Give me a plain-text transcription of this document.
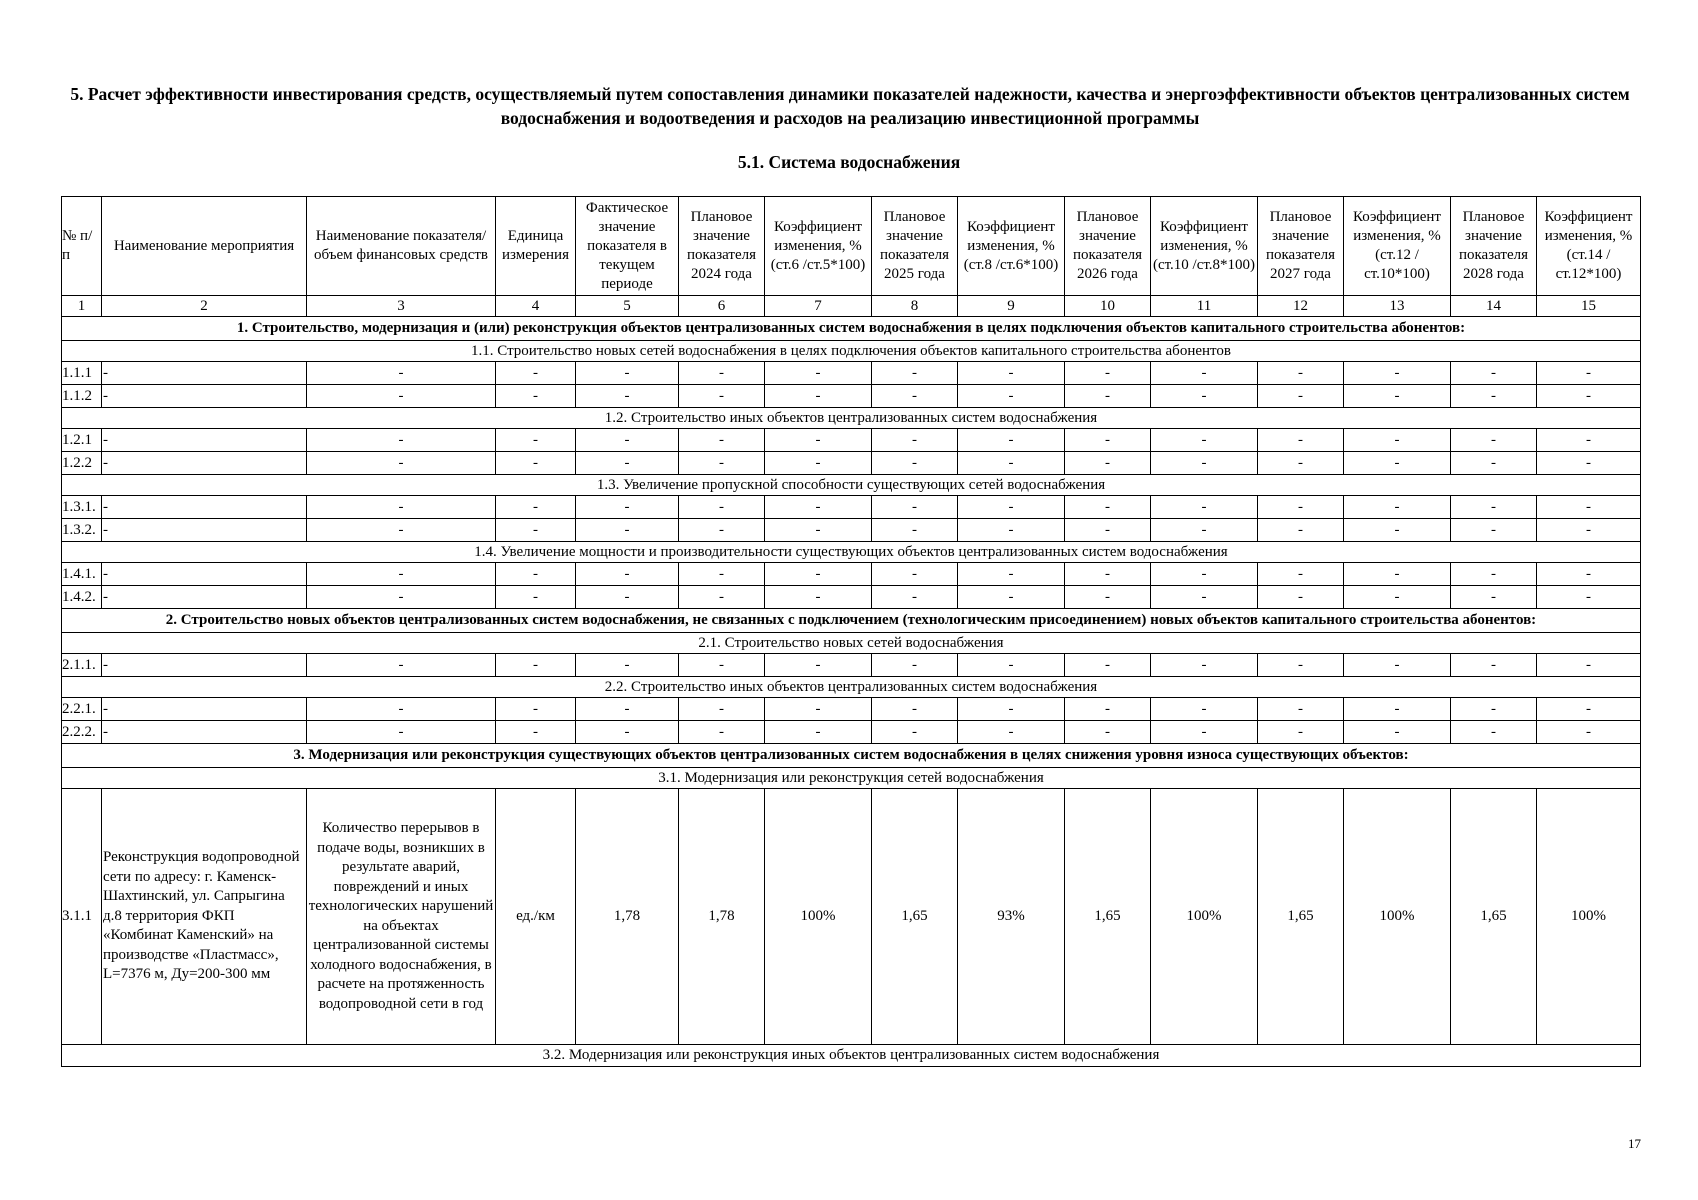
5. Расчет эффективности инвестирования средств, осуществляемый путем сопоставления динамики показателей надежности, качества и энергоэффективности объектов централизованных систем водоснабжения и водоотведения и расходов на реализацию инвестиционной программы
5.1. Система водоснабжения
№ п/п	Наименование мероприятия	Наименование показателя/ объем финансовых средств	Единица измерения	Фактическое значение показателя в текущем периоде	Плановое значение показателя 2024 года	Коэффициент изменения, % (ст.6 /ст.5*100)	Плановое значение показателя 2025 года	Коэффициент изменения, % (ст.8 /ст.6*100)	Плановое значение показателя 2026 года	Коэффициент изменения, % (ст.10 /ст.8*100)	Плановое значение показателя 2027 года	Коэффициент изменения, % (ст.12 /ст.10*100)	Плановое значение показателя 2028 года	Коэффициент изменения, % (ст.14 /ст.12*100)
1	2	3	4	5	6	7	8	9	10	11	12	13	14	15
1. Строительство, модернизация и (или) реконструкция объектов централизованных систем водоснабжения в целях подключения объектов капитального строительства абонентов:														
1.1. Строительство новых сетей водоснабжения в целях подключения объектов капитального строительства абонентов														
1.1.1	-	-	-	-	-	-	-	-	-	-	-	-	-	-
1.1.2	-	-	-	-	-	-	-	-	-	-	-	-	-	-
1.2. Строительство иных объектов централизованных систем водоснабжения														
1.2.1	-	-	-	-	-	-	-	-	-	-	-	-	-	-
1.2.2	-	-	-	-	-	-	-	-	-	-	-	-	-	-
1.3. Увеличение пропускной способности существующих сетей водоснабжения														
1.3.1.	-	-	-	-	-	-	-	-	-	-	-	-	-	-
1.3.2.	-	-	-	-	-	-	-	-	-	-	-	-	-	-
1.4. Увеличение мощности и производительности существующих объектов централизованных систем водоснабжения														
1.4.1.	-	-	-	-	-	-	-	-	-	-	-	-	-	-
1.4.2.	-	-	-	-	-	-	-	-	-	-	-	-	-	-
2. Строительство новых объектов централизованных систем водоснабжения, не связанных с подключением (технологическим присоединением) новых объектов капитального строительства абонентов:														
2.1. Строительство новых сетей водоснабжения														
2.1.1.	-	-	-	-	-	-	-	-	-	-	-	-	-	-
2.2. Строительство иных объектов централизованных систем водоснабжения														
2.2.1.	-	-	-	-	-	-	-	-	-	-	-	-	-	-
2.2.2.	-	-	-	-	-	-	-	-	-	-	-	-	-	-
3. Модернизация или реконструкция существующих объектов централизованных систем водоснабжения в целях снижения уровня износа существующих объектов:														
3.1. Модернизация или реконструкция сетей водоснабжения														
3.1.1	Реконструкция водопроводной сети по адресу: г. Каменск-Шахтинский, ул. Сапрыгина д.8 территория ФКП «Комбинат Каменский» на производстве «Пластмасс», L=7376 м, Ду=200-300 мм	Количество перерывов в подаче воды, возникших в результате аварий, повреждений и иных технологических нарушений на объектах централизованной системы холодного водоснабжения, в расчете на протяженность водопроводной сети в год	ед./км	1,78	1,78	100%	1,65	93%	1,65	100%	1,65	100%	1,65	100%
3.2. Модернизация или реконструкция иных объектов централизованных систем водоснабжения														
17
